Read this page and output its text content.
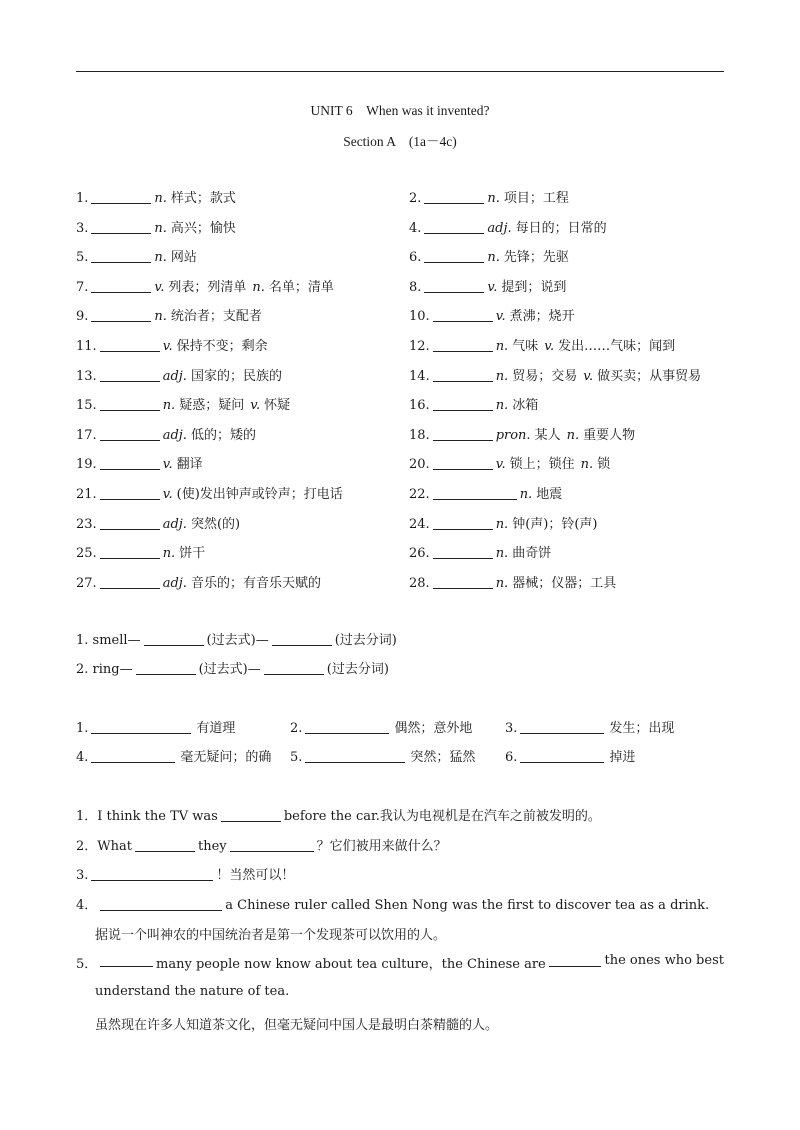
UNIT 6　When was it invented?
Section A　(1a－4c)
1.	n. 样式；款式	2.	n. 项目；工程
3.	n. 高兴；愉快	4.	adj. 每日的；日常的
5.	n. 网站	6.	n. 先锋；先驱
7.	v. 列表；列清单 n. 名单；清单	8.	v. 提到；说到
9.	n. 统治者；支配者	10.	v. 煮沸；烧开
11.	v. 保持不变；剩余	12.	n. 气味 v. 发出……气味；闻到
13.	adj. 国家的；民族的	14.	n. 贸易；交易 v. 做买卖；从事贸易
15.	n. 疑惑；疑问 v. 怀疑	16.	n. 冰箱
17.	adj. 低的；矮的	18.	pron. 某人 n. 重要人物
19.	v. 翻译	20.	v. 锁上；锁住 n. 锁
21.	v. (使)发出钟声或铃声；打电话	22.	n. 地震
23.	adj. 突然(的)	24.	n. 钟(声)；铃(声)
25.	n. 饼干	26.	n. 曲奇饼
27.	adj. 音乐的；有音乐天赋的	28.	n. 器械；仪器；工具
1. smell—	(过去式)—	(过去分词)
2. ring—	(过去式)—	(过去分词)
1.	有道理	2.	偶然；意外地	3.	发生；出现
4.	毫无疑问；的确 5.	突然；猛然 6.	掉进
1．I think the TV was	before the car.我认为电视机是在汽车之前被发明的。
2．What	they	？它们被用来做什么？
3.	！当然可以！
4．	a Chinese ruler called Shen Nong was the first to discover tea as a drink.
据说一个叫神农的中国统治者是第一个发现茶可以饮用的人。
5．	many people now know about tea culture，the Chinese are	the ones who best
understand the nature of tea.
虽然现在许多人知道茶文化，但毫无疑问中国人是最明白茶精髓的人。
